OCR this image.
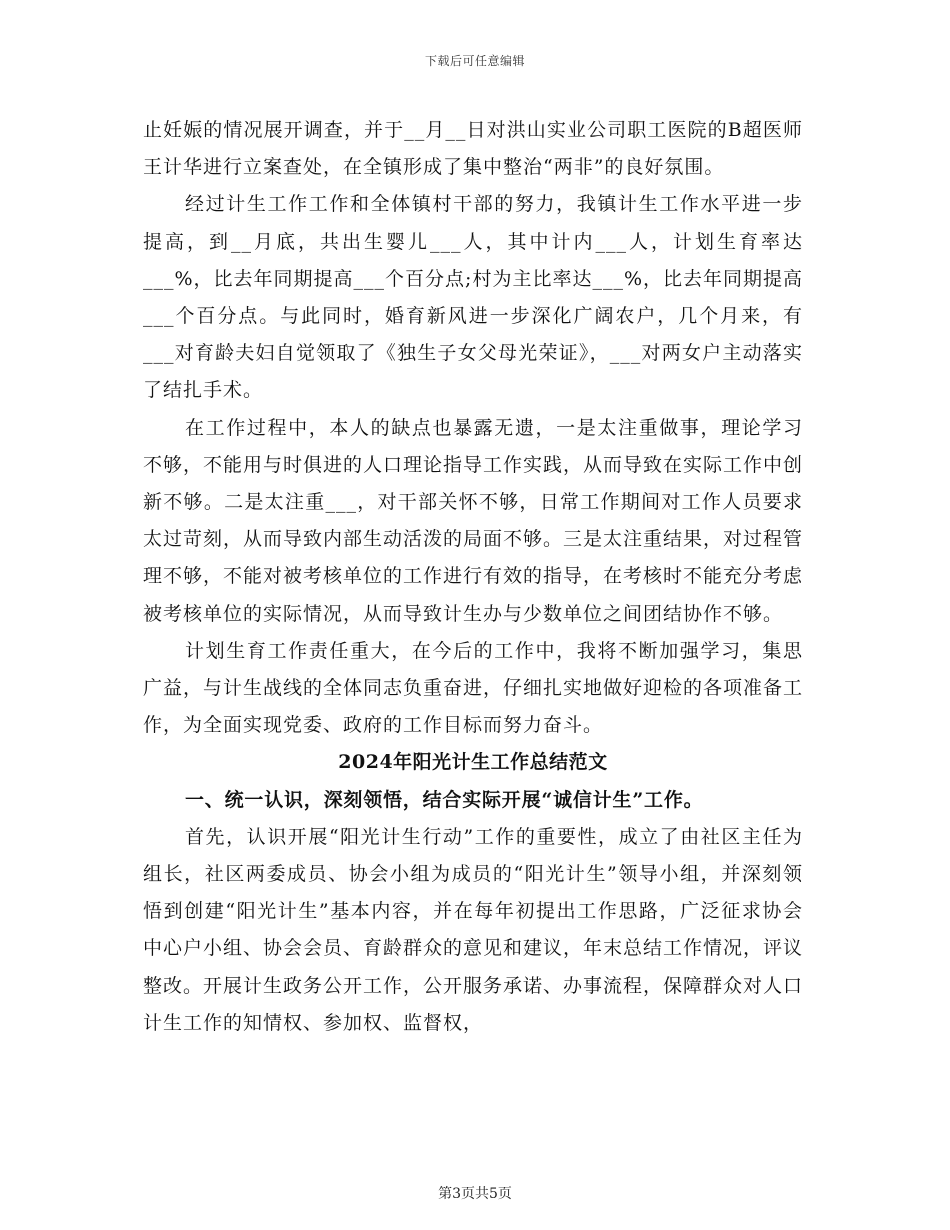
下载后可任意编辑

止妊娠的情况展开调查，并于__月__日对洪山实业公司职工医院的B超医师王计华进行立案查处，在全镇形成了集中整治“两非”的良好氛围。

经过计生工作工作和全体镇村干部的努力，我镇计生工作水平进一步提高，到__月底，共出生婴儿___人，其中计内___人，计划生育率达___%，比去年同期提高___个百分点;村为主比率达___%，比去年同期提高___个百分点。与此同时，婚育新风进一步深化广阔农户，几个月来，有___对育龄夫妇自觉领取了《独生子女父母光荣证》，___对两女户主动落实了结扎手术。

在工作过程中，本人的缺点也暴露无遗，一是太注重做事，理论学习不够，不能用与时俱进的人口理论指导工作实践，从而导致在实际工作中创新不够。二是太注重___，对干部关怀不够，日常工作期间对工作人员要求太过苛刻，从而导致内部生动活泼的局面不够。三是太注重结果，对过程管理不够，不能对被考核单位的工作进行有效的指导，在考核时不能充分考虑被考核单位的实际情况，从而导致计生办与少数单位之间团结协作不够。

计划生育工作责任重大，在今后的工作中，我将不断加强学习，集思广益，与计生战线的全体同志负重奋进，仔细扎实地做好迎检的各项准备工作，为全面实现党委、政府的工作目标而努力奋斗。

2024年阳光计生工作总结范文

一、统一认识，深刻领悟，结合实际开展“诚信计生”工作。

首先，认识开展“阳光计生行动”工作的重要性，成立了由社区主任为组长，社区两委成员、协会小组为成员的“阳光计生”领导小组，并深刻领悟到创建“阳光计生”基本内容，并在每年初提出工作思路，广泛征求协会中心户小组、协会会员、育龄群众的意见和建议，年末总结工作情况，评议整改。开展计生政务公开工作，公开服务承诺、办事流程，保障群众对人口计生工作的知情权、参加权、监督权，

第3页共5页
